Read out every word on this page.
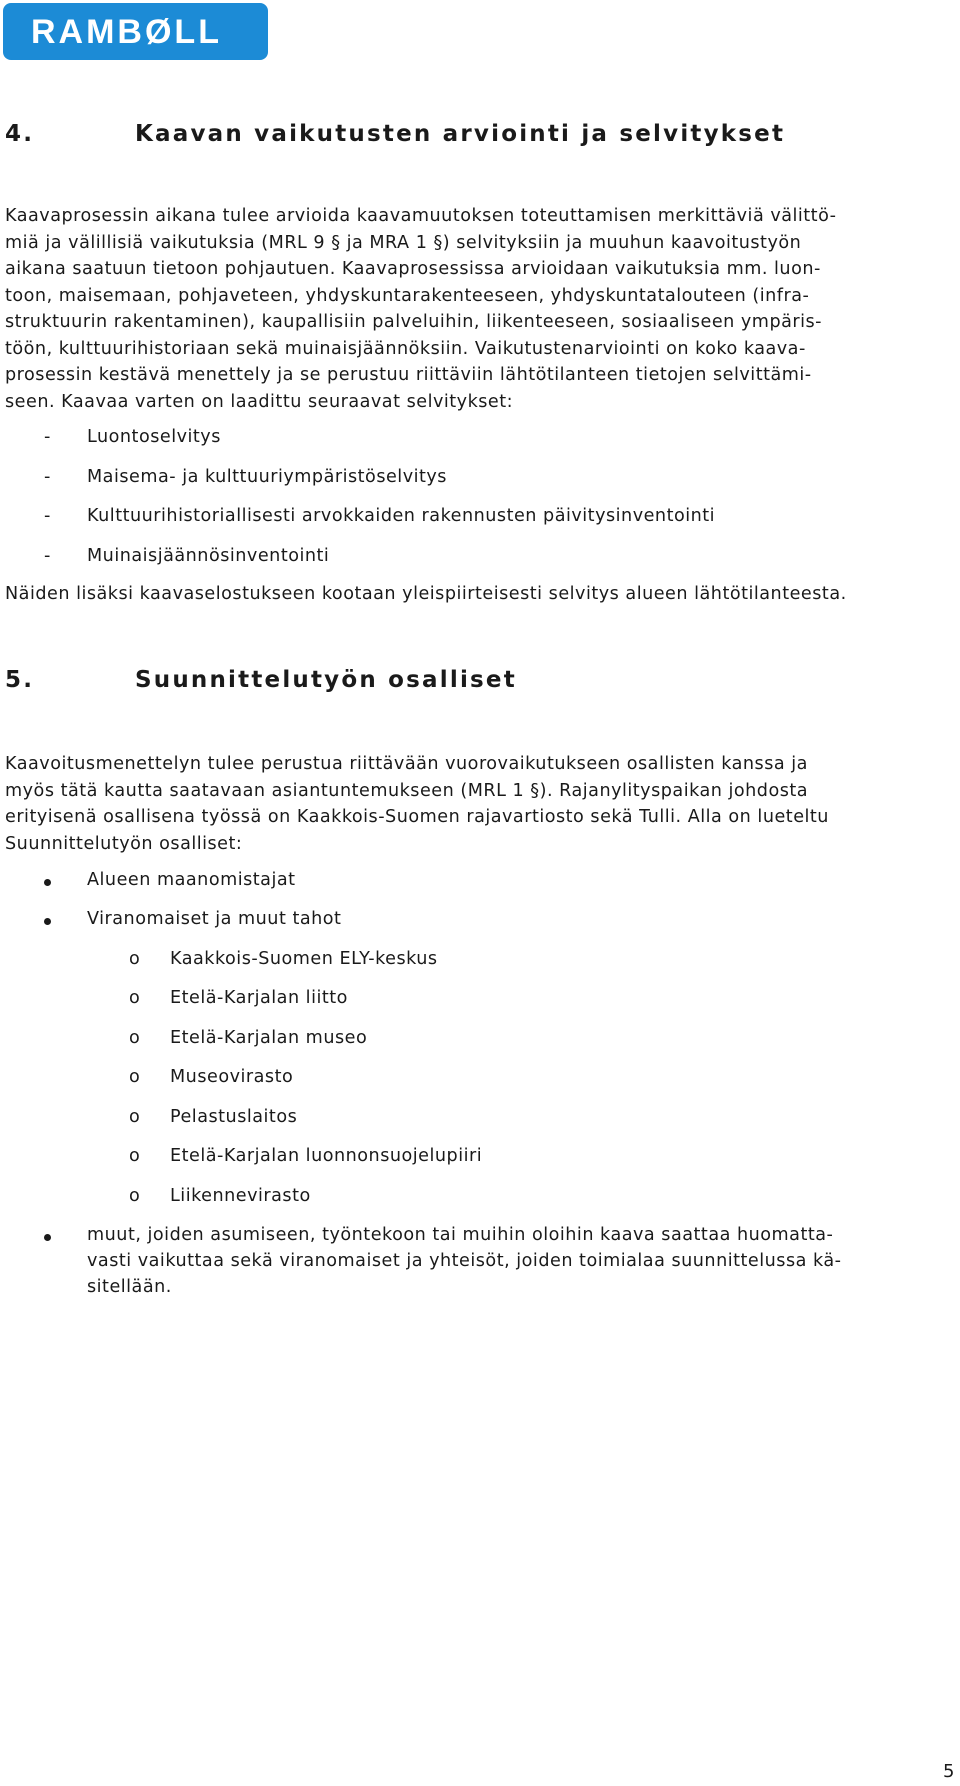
RAMBØLL
4.	Kaavan vaikutusten arviointi ja selvitykset

Kaavaprosessin aikana tulee arvioida kaavamuutoksen toteuttamisen merkittäviä välittö-
miä ja välillisiä vaikutuksia (MRL 9 § ja MRA 1 §) selvityksiin ja muuhun kaavoitustyön
aikana saatuun tietoon pohjautuen. Kaavaprosessissa arvioidaan vaikutuksia mm. luon-
toon, maisemaan, pohjaveteen, yhdyskuntarakenteeseen, yhdyskuntatalouteen (infra-
struktuurin rakentaminen), kaupallisiin palveluihin, liikenteeseen, sosiaaliseen ympäris-
töön, kulttuurihistoriaan sekä muinaisjäännöksiin. Vaikutustenarviointi on koko kaava-
prosessin kestävä menettely ja se perustuu riittäviin lähtötilanteen tietojen selvittämi-
seen. Kaavaa varten on laadittu seuraavat selvitykset:

- Luontoselvitys
- Maisema- ja kulttuuriympäristöselvitys
- Kulttuurihistoriallisesti arvokkaiden rakennusten päivitysinventointi
- Muinaisjäännösinventointi

Näiden lisäksi kaavaselostukseen kootaan yleispiirteisesti selvitys alueen lähtötilanteesta.

5.	Suunnittelutyön osalliset

Kaavoitusmenettelyn tulee perustua riittävään vuorovaikutukseen osallisten kanssa ja
myös tätä kautta saatavaan asiantuntemukseen (MRL 1 §). Rajanylityspaikan johdosta
erityisenä osallisena työssä on Kaakkois-Suomen rajavartiosto sekä Tulli. Alla on lueteltu
Suunnittelutyön osalliset:

Alueen maanomistajat
Viranomaiset ja muut tahot
o Kaakkois-Suomen ELY-keskus
o Etelä-Karjalan liitto
o Etelä-Karjalan museo
o Museovirasto
o Pelastuslaitos
o Etelä-Karjalan luonnonsuojelupiiri
o Liikennevirasto
muut, joiden asumiseen, työntekoon tai muihin oloihin kaava saattaa huomatta-
vasti vaikuttaa sekä viranomaiset ja yhteisöt, joiden toimialaa suunnittelussa kä-
sitellään.
5
